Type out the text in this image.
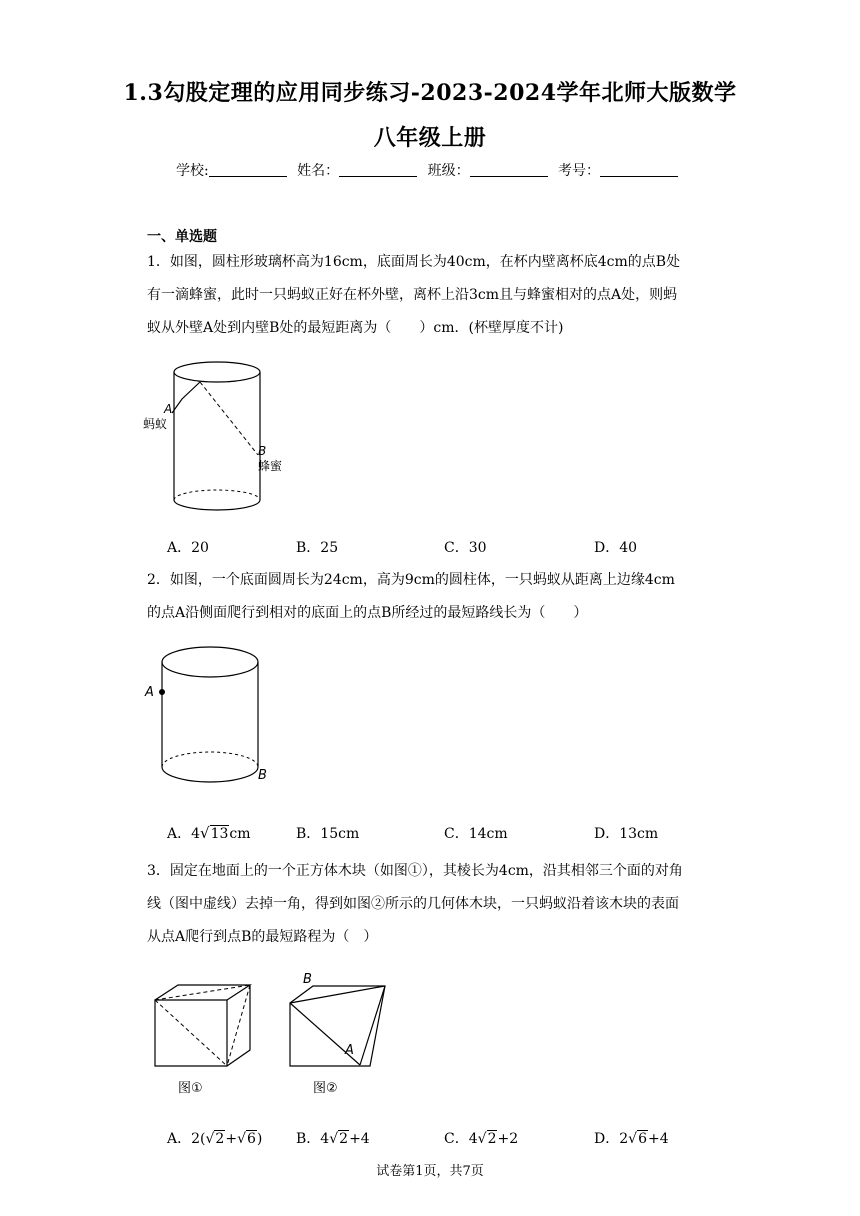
1.3勾股定理的应用同步练习-2023-2024学年北师大版数学
八年级上册
学校:	姓名：	班级：	考号：
一、单选题
1．如图，圆柱形玻璃杯高为16cm，底面周长为40cm，在杯内壁离杯底4cm的点B处
有一滴蜂蜜，此时一只蚂蚁正好在杯外壁，离杯上沿3cm且与蜂蜜相对的点A处，则蚂
蚁从外壁A处到内壁B处的最短距离为（　　）cm．(杯壁厚度不计)
A
蚂蚁
B
蜂蜜
A．20	B．25	C．30	D．40
2．如图，一个底面圆周长为24cm，高为9cm的圆柱体，一只蚂蚁从距离上边缘4cm
的点A沿侧面爬行到相对的底面上的点B所经过的最短路线长为（　　）
A
B
A．4√13cm	B．15cm	C．14cm	D．13cm
3．固定在地面上的一个正方体木块（如图①），其棱长为4cm，沿其相邻三个面的对角
线（图中虚线）去掉一角，得到如图②所示的几何体木块，一只蚂蚁沿着该木块的表面
从点A爬行到点B的最短路程为（　）
图①
B
A
图②
A．2(√2+√6) B．4√2+4	C．4√2+2	D．2√6+4
试卷第1页，共7页
